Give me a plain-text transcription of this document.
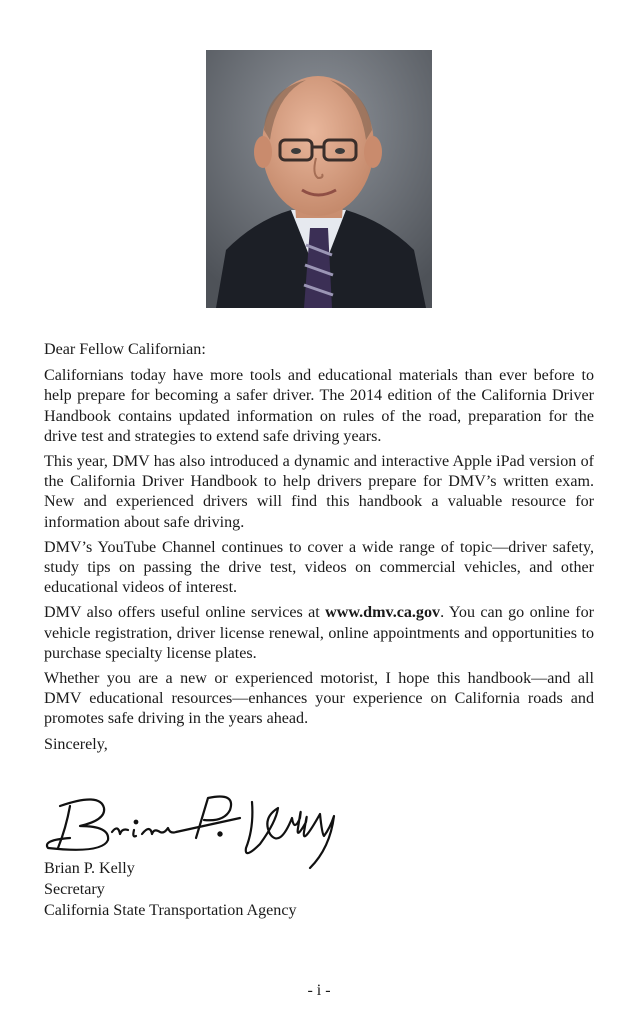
Dear Fellow Californian:

Californians today have more tools and educational materials than ever before to help prepare for becoming a safer driver. The 2014 edition of the California Driver Handbook contains updated information on rules of the road, preparation for the drive test and strategies to extend safe driving years.

This year, DMV has also introduced a dynamic and interactive Apple iPad version of the California Driver Handbook to help drivers prepare for DMV’s written exam. New and experienced drivers will find this handbook a valuable resource for information about safe driving.

DMV’s YouTube Channel continues to cover a wide range of topic—driver safety, study tips on passing the drive test, videos on commercial vehicles, and other educational videos of interest.

DMV also offers useful online services at www.dmv.ca.gov. You can go online for vehicle registration, driver license renewal, online appointments and opportunities to purchase specialty license plates.

Whether you are a new or experienced motorist, I hope this handbook—and all DMV educational resources—enhances your experience on California roads and promotes safe driving in the years ahead.

Sincerely,

Brian P. Kelly
Secretary
California State Transportation Agency
- i -
